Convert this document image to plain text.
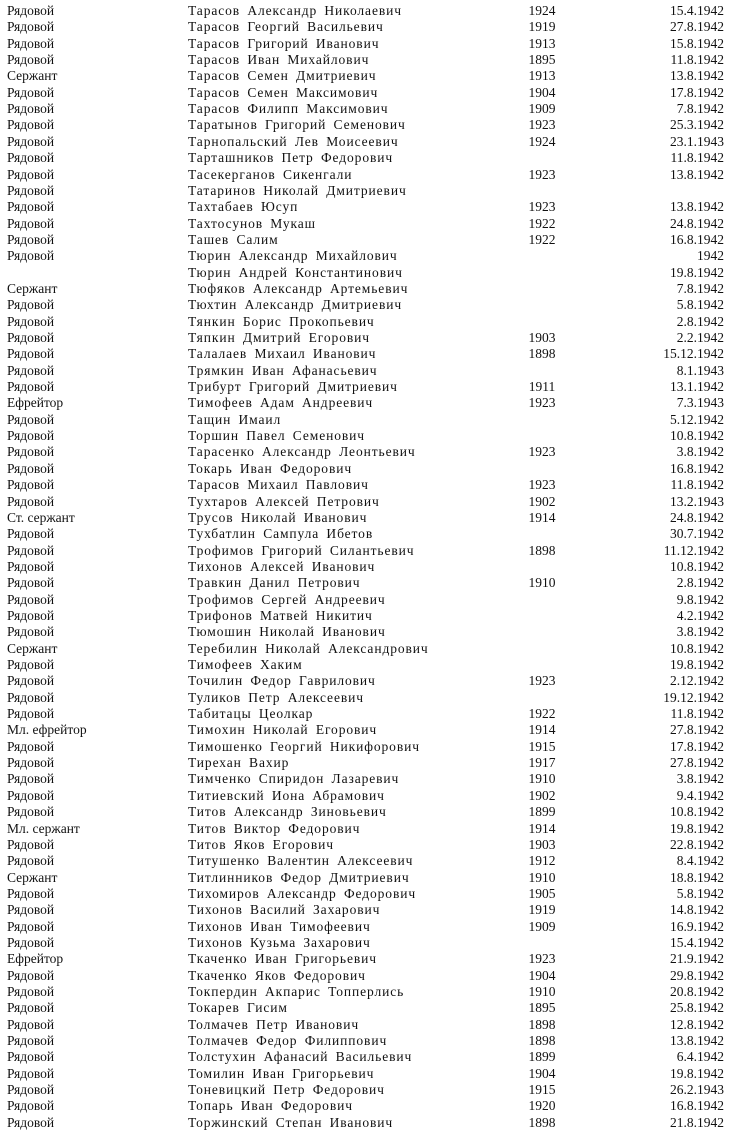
Рядовой	Тарасов Александр Николаевич	1924	15.4.1942
Рядовой	Тарасов Георгий Васильевич	1919	27.8.1942
Рядовой	Тарасов Григорий Иванович	1913	15.8.1942
Рядовой	Тарасов Иван Михайлович	1895	11.8.1942
Сержант	Тарасов Семен Дмитриевич	1913	13.8.1942
Рядовой	Тарасов Семен Максимович	1904	17.8.1942
Рядовой	Тарасов Филипп Максимович	1909	7.8.1942
Рядовой	Таратынов Григорий Семенович	1923	25.3.1942
Рядовой	Тарнопальский Лев Моисеевич	1924	23.1.1943
Рядовой	Тарташников Петр Федорович	11.8.1942
Рядовой	Тасекерганов Сикенгали	1923	13.8.1942
Рядовой	Татаринов Николай Дмитриевич
Рядовой	Тахтабаев Юсуп	1923	13.8.1942
Рядовой	Тахтосунов Мукаш	1922	24.8.1942
Рядовой	Ташев Салим	1922	16.8.1942
Рядовой	Тюрин Александр Михайлович	1942
Тюрин Андрей Константинович	19.8.1942
Сержант	Тюфяков Александр Артемьевич	7.8.1942
Рядовой	Тюхтин Александр Дмитриевич	5.8.1942
Рядовой	Тянкин Борис Прокопьевич	2.8.1942
Рядовой	Тяпкин Дмитрий Егорович	1903	2.2.1942
Рядовой	Талалаев Михаил Иванович	1898	15.12.1942
Рядовой	Трямкин Иван Афанасьевич	8.1.1943
Рядовой	Трибурт Григорий Дмитриевич	1911	13.1.1942
Ефрейтор	Тимофеев Адам Андреевич	1923	7.3.1943
Рядовой	Тащин Имаил	5.12.1942
Рядовой	Торшин Павел Семенович	10.8.1942
Рядовой	Тарасенко Александр Леонтьевич	1923	3.8.1942
Рядовой	Токарь Иван Федорович	16.8.1942
Рядовой	Тарасов Михаил Павлович	1923	11.8.1942
Рядовой	Тухтаров Алексей Петрович	1902	13.2.1943
Ст. сержант	Трусов Николай Иванович	1914	24.8.1942
Рядовой	Тухбатлин Сампула Ибетов	30.7.1942
Рядовой	Трофимов Григорий Силантьевич	1898	11.12.1942
Рядовой	Тихонов Алексей Иванович	10.8.1942
Рядовой	Травкин Данил Петрович	1910	2.8.1942
Рядовой	Трофимов Сергей Андреевич	9.8.1942
Рядовой	Трифонов Матвей Никитич	4.2.1942
Рядовой	Тюмошин Николай Иванович	3.8.1942
Сержант	Теребилин Николай Александрович	10.8.1942
Рядовой	Тимофеев Хаким	19.8.1942
Рядовой	Точилин Федор Гаврилович	1923	2.12.1942
Рядовой	Туликов Петр Алексеевич	19.12.1942
Рядовой	Табитацы Цеолкар	1922	11.8.1942
Мл. ефрейтор	Тимохин Николай Егорович	1914	27.8.1942
Рядовой	Тимошенко Георгий Никифорович	1915	17.8.1942
Рядовой	Тирехан Вахир	1917	27.8.1942
Рядовой	Тимченко Спиридон Лазаревич	1910	3.8.1942
Рядовой	Титиевский Иона Абрамович	1902	9.4.1942
Рядовой	Титов Александр Зиновьевич	1899	10.8.1942
Мл. сержант	Титов Виктор Федорович	1914	19.8.1942
Рядовой	Титов Яков Егорович	1903	22.8.1942
Рядовой	Титушенко Валентин Алексеевич	1912	8.4.1942
Сержант	Титлинников Федор Дмитриевич	1910	18.8.1942
Рядовой	Тихомиров Александр Федорович	1905	5.8.1942
Рядовой	Тихонов Василий Захарович	1919	14.8.1942
Рядовой	Тихонов Иван Тимофеевич	1909	16.9.1942
Рядовой	Тихонов Кузьма Захарович	15.4.1942
Ефрейтор	Ткаченко Иван Григорьевич	1923	21.9.1942
Рядовой	Ткаченко Яков Федорович	1904	29.8.1942
Рядовой	Токпердин Акпарис Топперлись	1910	20.8.1942
Рядовой	Токарев Гисим	1895	25.8.1942
Рядовой	Толмачев Петр Иванович	1898	12.8.1942
Рядовой	Толмачев Федор Филиппович	1898	13.8.1942
Рядовой	Толстухин Афанасий Васильевич	1899	6.4.1942
Рядовой	Томилин Иван Григорьевич	1904	19.8.1942
Рядовой	Тоневицкий Петр Федорович	1915	26.2.1943
Рядовой	Топарь Иван Федорович	1920	16.8.1942
Рядовой	Торжинский Степан Иванович	1898	21.8.1942
